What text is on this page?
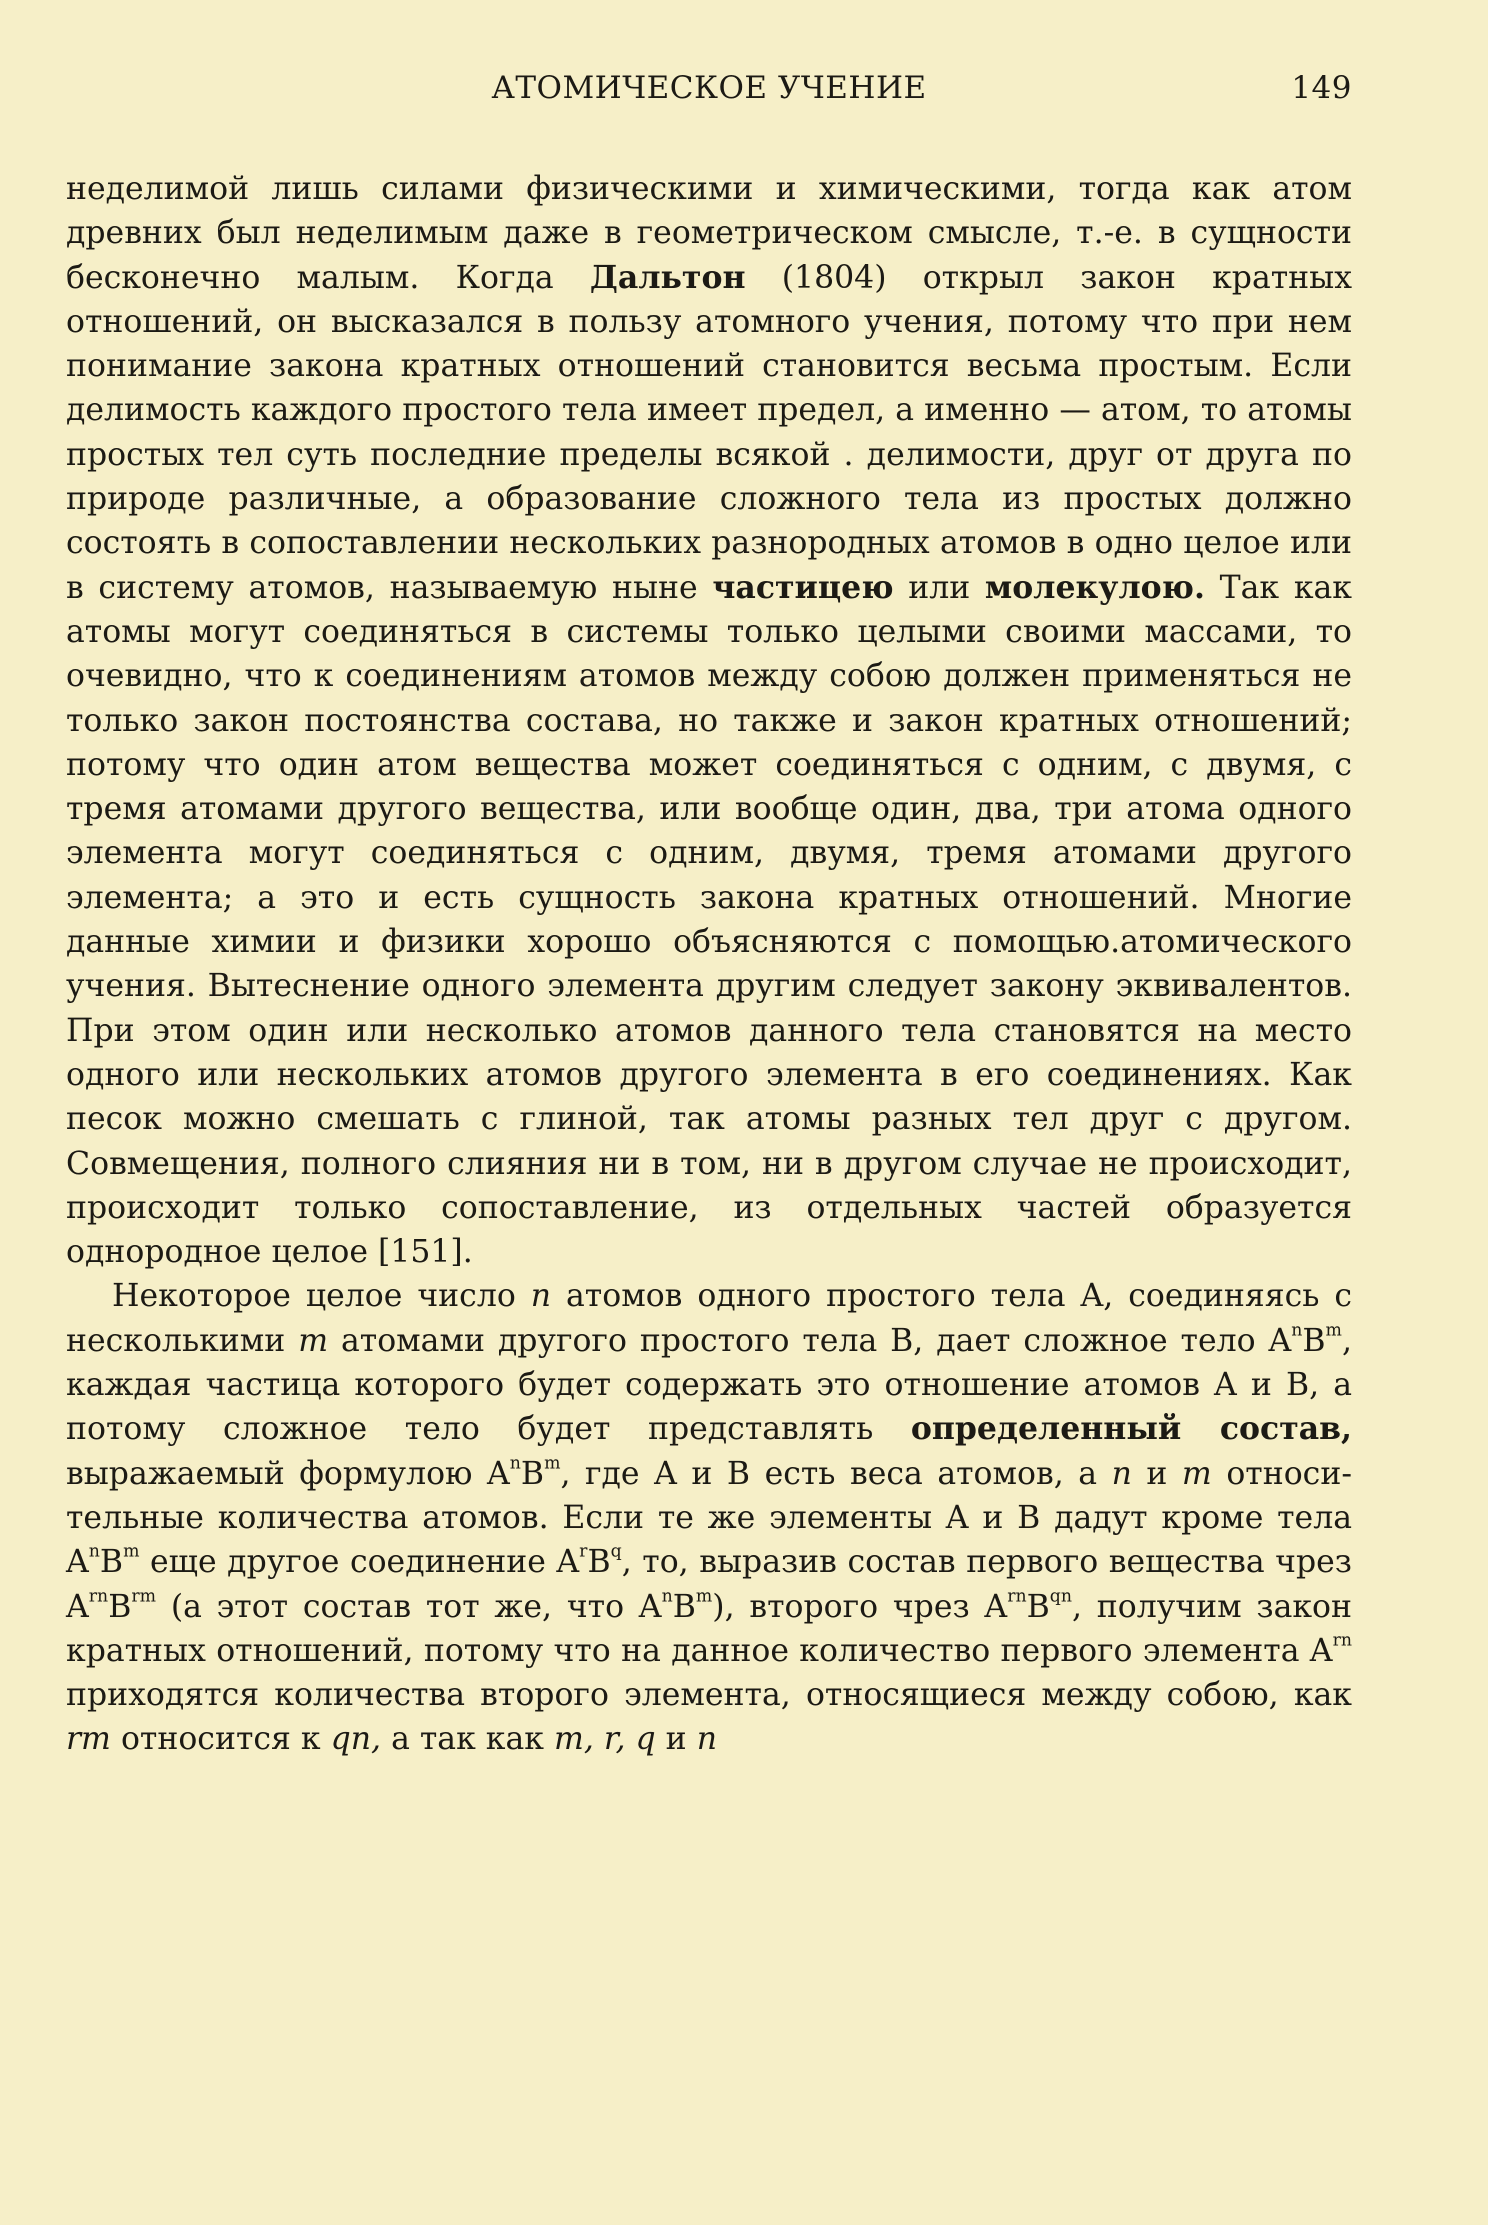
АТОМИЧЕСКОЕ УЧЕНИЕ	149

неделимой лишь силами физическими и химическими, тогда как атом древних был неделимым даже в геометрическом смысле, т.-е. в сущности бесконечно малым. Когда Дальтон (1804) открыл закон кратных отношений, он высказался в пользу атомного учения, потому что при нем понимание закона кратных отношений становится весьма простым. Если делимость каждого простого тела имеет предел, а именно — атом, то атомы простых тел суть последние пределы всякой . делимости, друг от друга по природе различные, а образование сложного тела из простых должно состоять в сопоставлении нескольких разнородных атомов в одно целое или в систему атомов, называемую ныне частицею или молекулою. Так как атомы могут соединяться в системы только целыми своими массами, то очевидно, что к соединениям атомов между собою должен применяться не только закон постоянства состава, но также и закон кратных отношений; потому что один атом вещества может соединяться с одним, с двумя, с тремя атомами другого вещества, или вообще один, два, три атома одного элемента могут соединяться с одним, двумя, тремя атомами другого элемента; а это и есть сущность закона кратных отношений. Многие данные химии и физики хорошо объясняются с помощью.атомического учения. Вытеснение одного элемента другим следует закону эквивалентов. При этом один или несколько атомов данного тела становятся на место одного или нескольких атомов другого элемента в его соединениях. Как песок можно смешать с глиной, так атомы разных тел друг с другом. Совмещения, полного слияния ни в том, ни в другом случае не происходит, происходит только сопоставление, из отдельных частей образуется однородное целое [151].

Некоторое целое число n атомов одного простого тела A, соединяясь с несколькими m атомами другого простого тела B, дает сложное тело $A^nB^m$, каждая частица которого будет содержать это отношение атомов A и B, а потому сложное тело будет представлять определенный состав, выражаемый формулою $A^nB^m$, где A и B есть веса атомов, а n и m относительные количества атомов. Если те же элементы A и B дадут кроме тела $A^nB^m$ еще другое соединение $A^rB^q$, то, выразив состав первого вещества чрез $A^{rn}B^{rm}$ (а этот состав тот же, что $A^nB^m$), второго чрез $A^{rn}B^{qn}$, получим закон кратных отношений, потому что на данное количество первого элемента $A^{rn}$ приходятся количества второго элемента, относящиеся между собою, как rm относится к qn, а так как m, r, q и n
